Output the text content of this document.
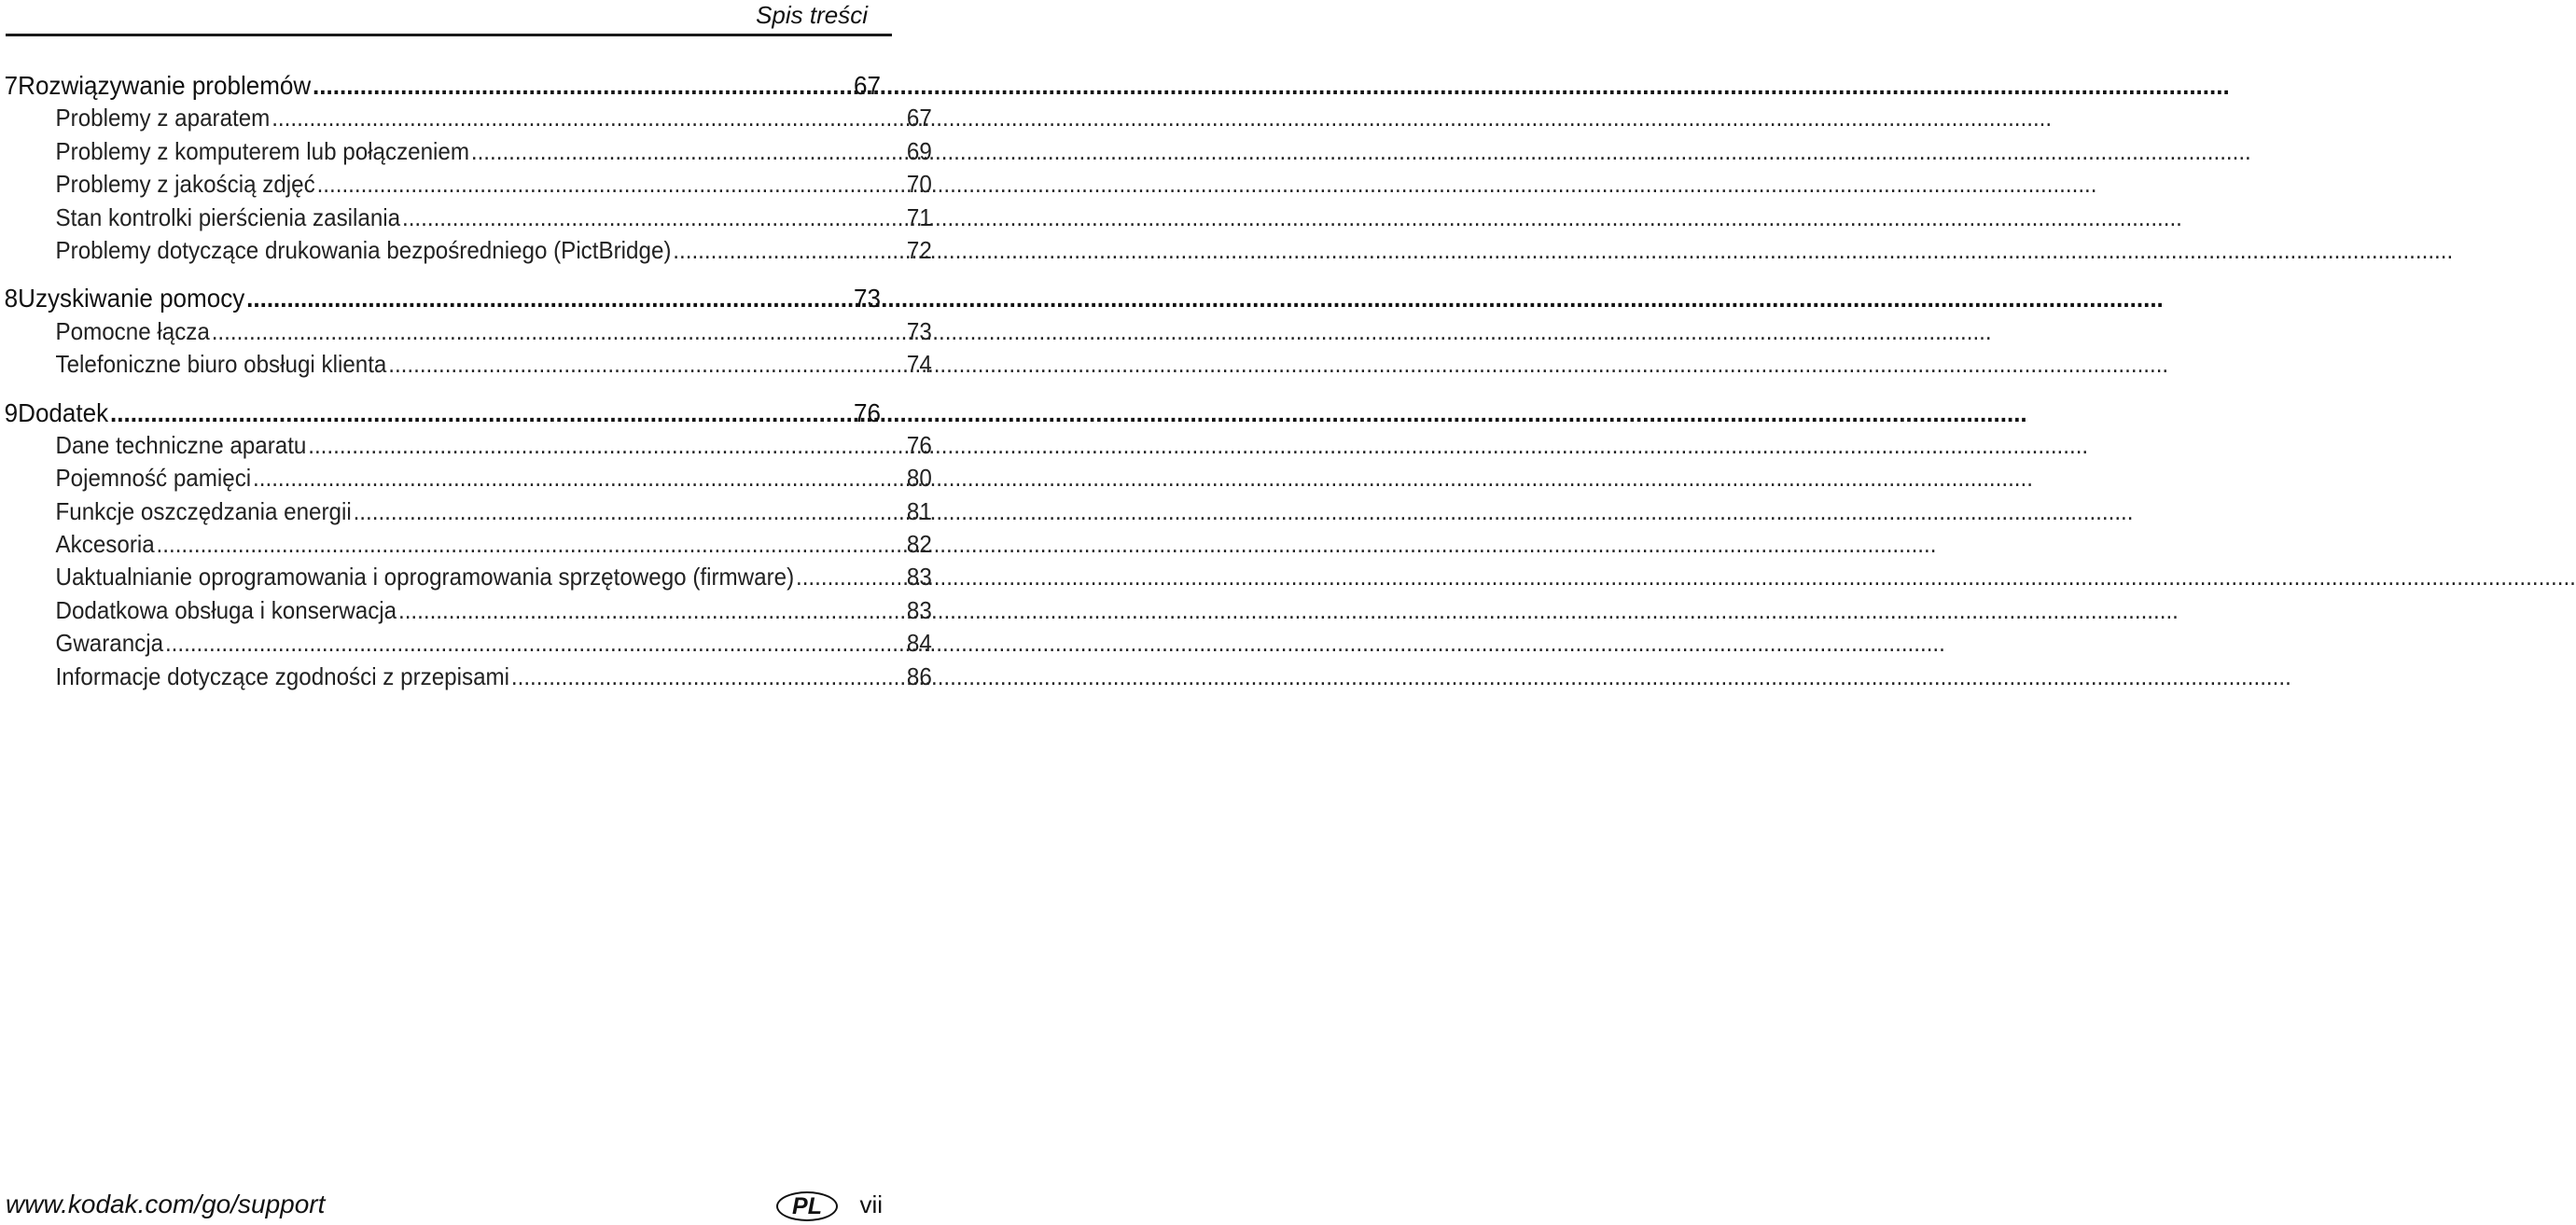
Spis treści
7 Rozwiązywanie problemów .....	67
Problemy z aparatem .....	67
Problemy z komputerem lub połączeniem .....	69
Problemy z jakością zdjęć .....	70
Stan kontrolki pierścienia zasilania .....	71
Problemy dotyczące drukowania bezpośredniego (PictBridge) .....	72
8 Uzyskiwanie pomocy .....	73
Pomocne łącza .....	73
Telefoniczne biuro obsługi klienta .....	74
9 Dodatek .....	76
Dane techniczne aparatu .....	76
Pojemność pamięci .....	80
Funkcje oszczędzania energii .....	81
Akcesoria .....	82
Uaktualnianie oprogramowania i oprogramowania sprzętowego (firmware) .....	83
Dodatkowa obsługa i konserwacja .....	83
Gwarancja .....	84
Informacje dotyczące zgodności z przepisami .....	86
www.kodak.com/go/support	PL	vii
